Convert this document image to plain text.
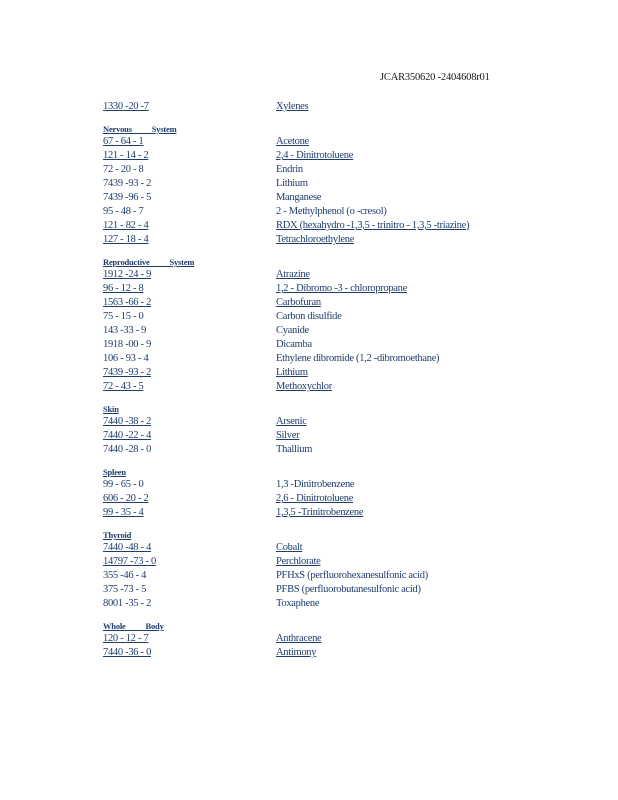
JCAR350620 -2404608r01
1330 -20 -7	Xylenes
Nervous System
67 - 64 - 1	Acetone
121 - 14 - 2	2,4 - Dinitrotoluene
72 - 20 - 8	Endrin
7439 -93 - 2	Lithium
7439 -96 - 5	Manganese
95 - 48 - 7	2 - Methylphenol (o -cresol)
121 - 82 - 4	RDX (hexahydro -1,3,5 - trinitro - 1,3,5 -triazine)
127 - 18 - 4	Tetrachloroethylene
Reproductive System
1912 -24 - 9	Atrazine
96 - 12 - 8	1,2 - Dibromo -3 - chloropropane
1563 -66 - 2	Carbofuran
75 - 15 - 0	Carbon disulfide
143 -33 - 9	Cyanide
1918 -00 - 9	Dicamba
106 - 93 - 4	Ethylene dibromide (1,2 -dibromoethane)
7439 -93 - 2	Lithium
72 - 43 - 5	Methoxychlor
Skin
7440 -38 - 2	Arsenic
7440 -22 - 4	Silver
7440 -28 - 0	Thallium
Spleen
99 - 65 - 0	1,3 -Dinitrobenzene
606 - 20 - 2	2,6 - Dinitrotoluene
99 - 35 - 4	1,3,5 -Trinitrobenzene
Thyroid
7440 -48 - 4	Cobalt
14797 -73 - 0	Perchlorate
355 -46 - 4	PFHxS (perfluorohexanesulfonic acid)
375 -73 - 5	PFBS (perfluorobutanesulfonic acid)
8001 -35 - 2	Toxaphene
Whole Body
120 - 12 - 7	Anthracene
7440 -36 - 0	Antimony
